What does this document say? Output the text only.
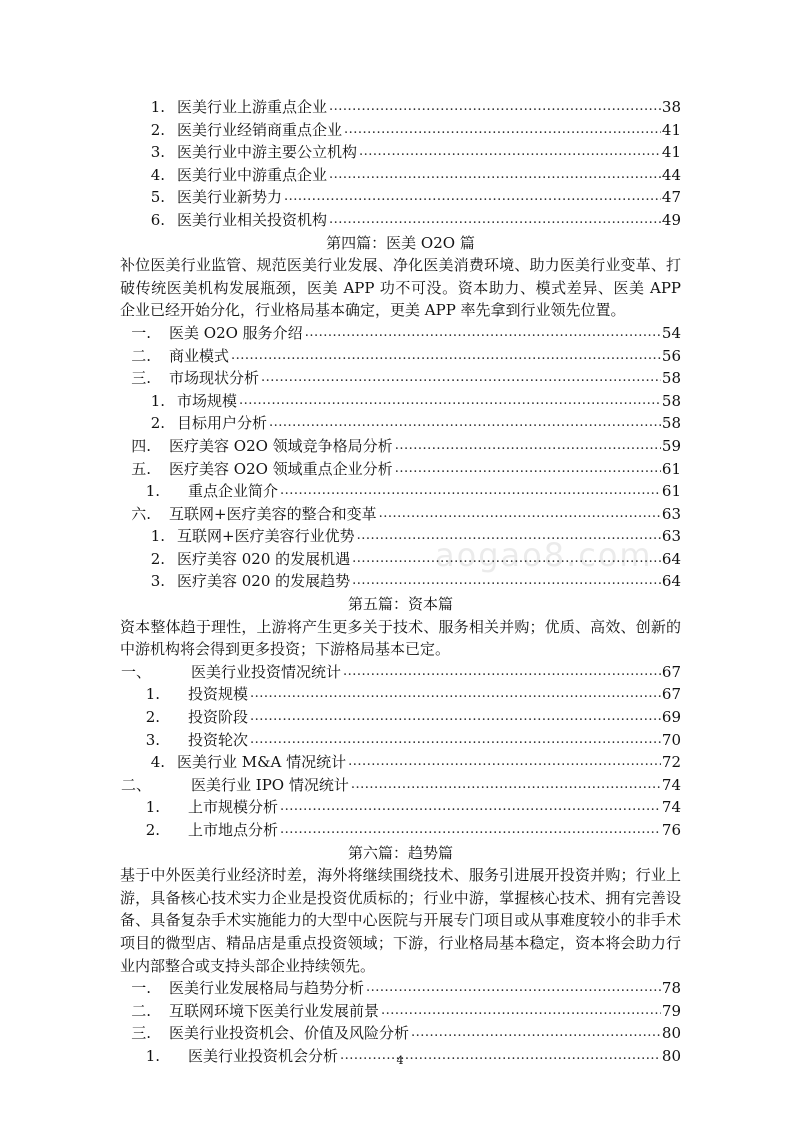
aogao8.com
1. 医美行业上游重点企业 .....	38
2. 医美行业经销商重点企业 .....	41
3. 医美行业中游主要公立机构 .....	41
4. 医美行业中游重点企业 .....	44
5. 医美行业新势力 .....	47
6. 医美行业相关投资机构 .....	49
第四篇：医美 O2O 篇
补位医美行业监管、规范医美行业发展、净化医美消费环境、助力医美行业变革、打破传统医美机构发展瓶颈，医美 APP 功不可没。资本助力、模式差异、医美 APP 企业已经开始分化，行业格局基本确定，更美 APP 率先拿到行业领先位置。
一.	医美 O2O 服务介绍 .....	54
二.	商业模式 .....	56
三.	市场现状分析 .....	58
1. 市场规模 .....	58
2. 目标用户分析 .....	58
四.	医疗美容 O2O 领域竞争格局分析 .....	59
五.	医疗美容 O2O 领域重点企业分析 .....	61
1.	重点企业简介 .....	61
六.	互联网+医疗美容的整合和变革 .....	63
1. 互联网+医疗美容行业优势 .....	63
2. 医疗美容 020 的发展机遇 .....	64
3. 医疗美容 020 的发展趋势 .....	64
第五篇：资本篇
资本整体趋于理性，上游将产生更多关于技术、服务相关并购；优质、高效、创新的中游机构将会得到更多投资；下游格局基本已定。
一、	医美行业投资情况统计 .....	67
1.	投资规模 .....	67
2.	投资阶段 .....	69
3.	投资轮次 .....	70
4. 医美行业 M&A 情况统计 .....	72
二、	医美行业 IPO 情况统计 .....	74
1.	上市规模分析 .....	74
2.	上市地点分析 .....	76
第六篇：趋势篇
基于中外医美行业经济时差，海外将继续围绕技术、服务引进展开投资并购；行业上游，具备核心技术实力企业是投资优质标的；行业中游，掌握核心技术、拥有完善设备、具备复杂手术实施能力的大型中心医院与开展专门项目或从事难度较小的非手术项目的微型店、精品店是重点投资领域；下游，行业格局基本稳定，资本将会助力行业内部整合或支持头部企业持续领先。
一.	医美行业发展格局与趋势分析 .....	78
二.	互联网环境下医美行业发展前景 .....	79
三.	医美行业投资机会、价值及风险分析 .....	80
1.	医美行业投资机会分析 .....	80
4
